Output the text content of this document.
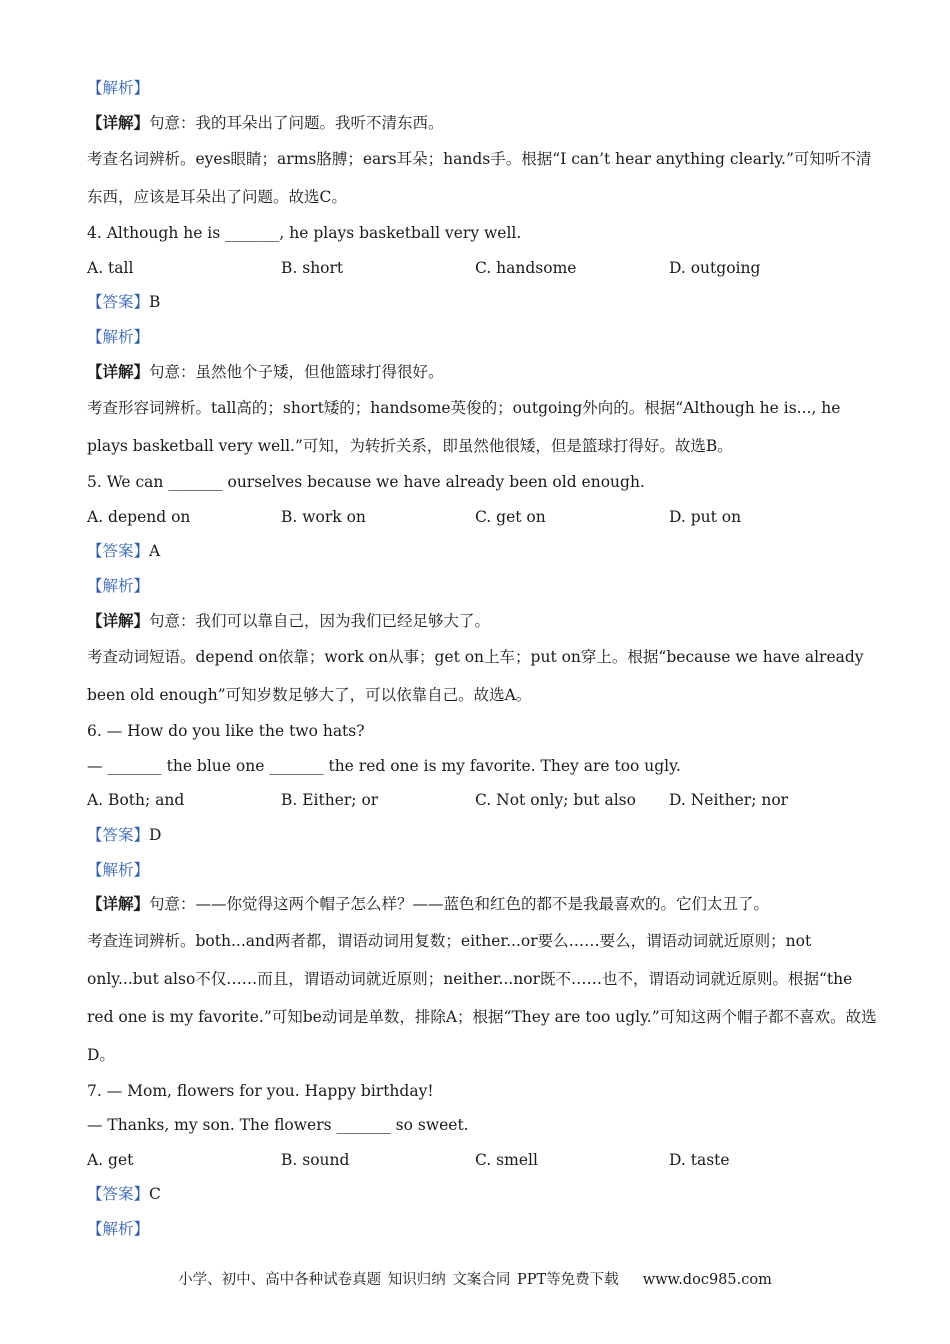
【解析】
【详解】句意：我的耳朵出了问题。我听不清东西。
考查名词辨析。eyes眼睛；arms胳膊；ears耳朵；hands手。根据“I can’t hear anything clearly.”可知听不清东西，应该是耳朵出了问题。故选C。
4. Although he is _______, he plays basketball very well.
A. tall	B. short	C. handsome	D. outgoing
【答案】B
【解析】
【详解】句意：虽然他个子矮，但他篮球打得很好。
考查形容词辨析。tall高的；short矮的；handsome英俊的；outgoing外向的。根据“Although he is..., he plays basketball very well.”可知，为转折关系，即虽然他很矮，但是篮球打得好。故选B。
5. We can _______ ourselves because we have already been old enough.
A. depend on	B. work on	C. get on	D. put on
【答案】A
【解析】
【详解】句意：我们可以靠自己，因为我们已经足够大了。
考查动词短语。depend on依靠；work on从事；get on上车；put on穿上。根据“because we have already been old enough”可知岁数足够大了，可以依靠自己。故选A。
6. — How do you like the two hats?
— _______ the blue one _______ the red one is my favorite. They are too ugly.
A. Both; and	B. Either; or	C. Not only; but also	D. Neither; nor
【答案】D
【解析】
【详解】句意：——你觉得这两个帽子怎么样？——蓝色和红色的都不是我最喜欢的。它们太丑了。
考查连词辨析。both...and两者都，谓语动词用复数；either...or要么……要么，谓语动词就近原则；not only...but also不仅……而且，谓语动词就近原则；neither...nor既不……也不，谓语动词就近原则。根据“the red one is my favorite.”可知be动词是单数，排除A；根据“They are too ugly.”可知这两个帽子都不喜欢。故选D。
7. — Mom, flowers for you. Happy birthday!
— Thanks, my son. The flowers _______ so sweet.
A. get	B. sound	C. smell	D. taste
【答案】C
【解析】
小学、初中、高中各种试卷真题 知识归纳 文案合同 PPT等免费下载 www.doc985.com
